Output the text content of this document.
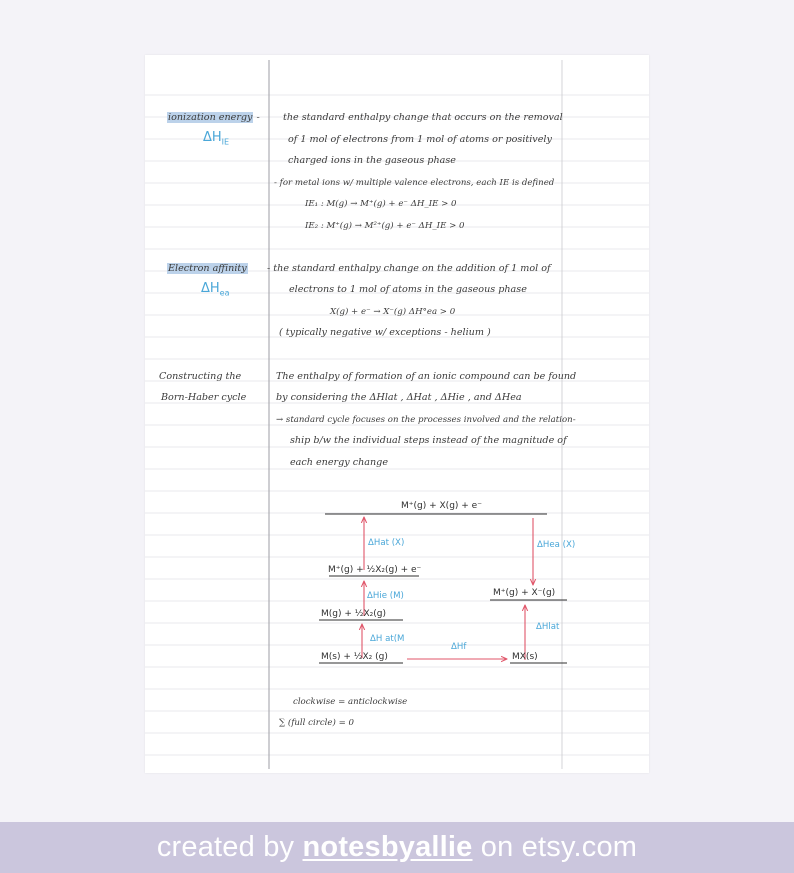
ionization energy -
$\Delta H_{IE}$
the standard enthalpy change that occurs on the removal
of 1 mol of electrons from 1 mol of atoms or positively
charged ions in the gaseous phase
- for metal ions w/ multiple valence electrons, each IE is defined
IE₁ : M(g) → M⁺(g) + e⁻ ΔH_IE > 0
IE₂ : M⁺(g) → M²⁺(g) + e⁻ ΔH_IE > 0
Electron affinity
$\Delta H_{ea}$
- the standard enthalpy change on the addition of 1 mol of
electrons to 1 mol of atoms in the gaseous phase
X(g) + e⁻ → X⁻(g) ΔH°ea > 0
( typically negative w/ exceptions - helium )
Constructing the
Born-Haber cycle
The enthalpy of formation of an ionic compound can be found
by considering the ΔHlat , ΔHat , ΔHie , and ΔHea
→ standard cycle focuses on the processes involved and the relation-
ship b/w the individual steps instead of the magnitude of
each energy change
M⁺(g) + X(g) + e⁻
M⁺(g) + ½X₂(g) + e⁻
M(g) + ½X₂(g)
M(s) + ½X₂ (g)
M⁺(g) + X⁻(g)
MX(s)
ΔHat (X)
ΔHie (M)
ΔH at(M
ΔHea (X)
ΔHlat
ΔHf
clockwise = anticlockwise
∑ (full circle) = 0
created by notesbyallie on etsy.com
